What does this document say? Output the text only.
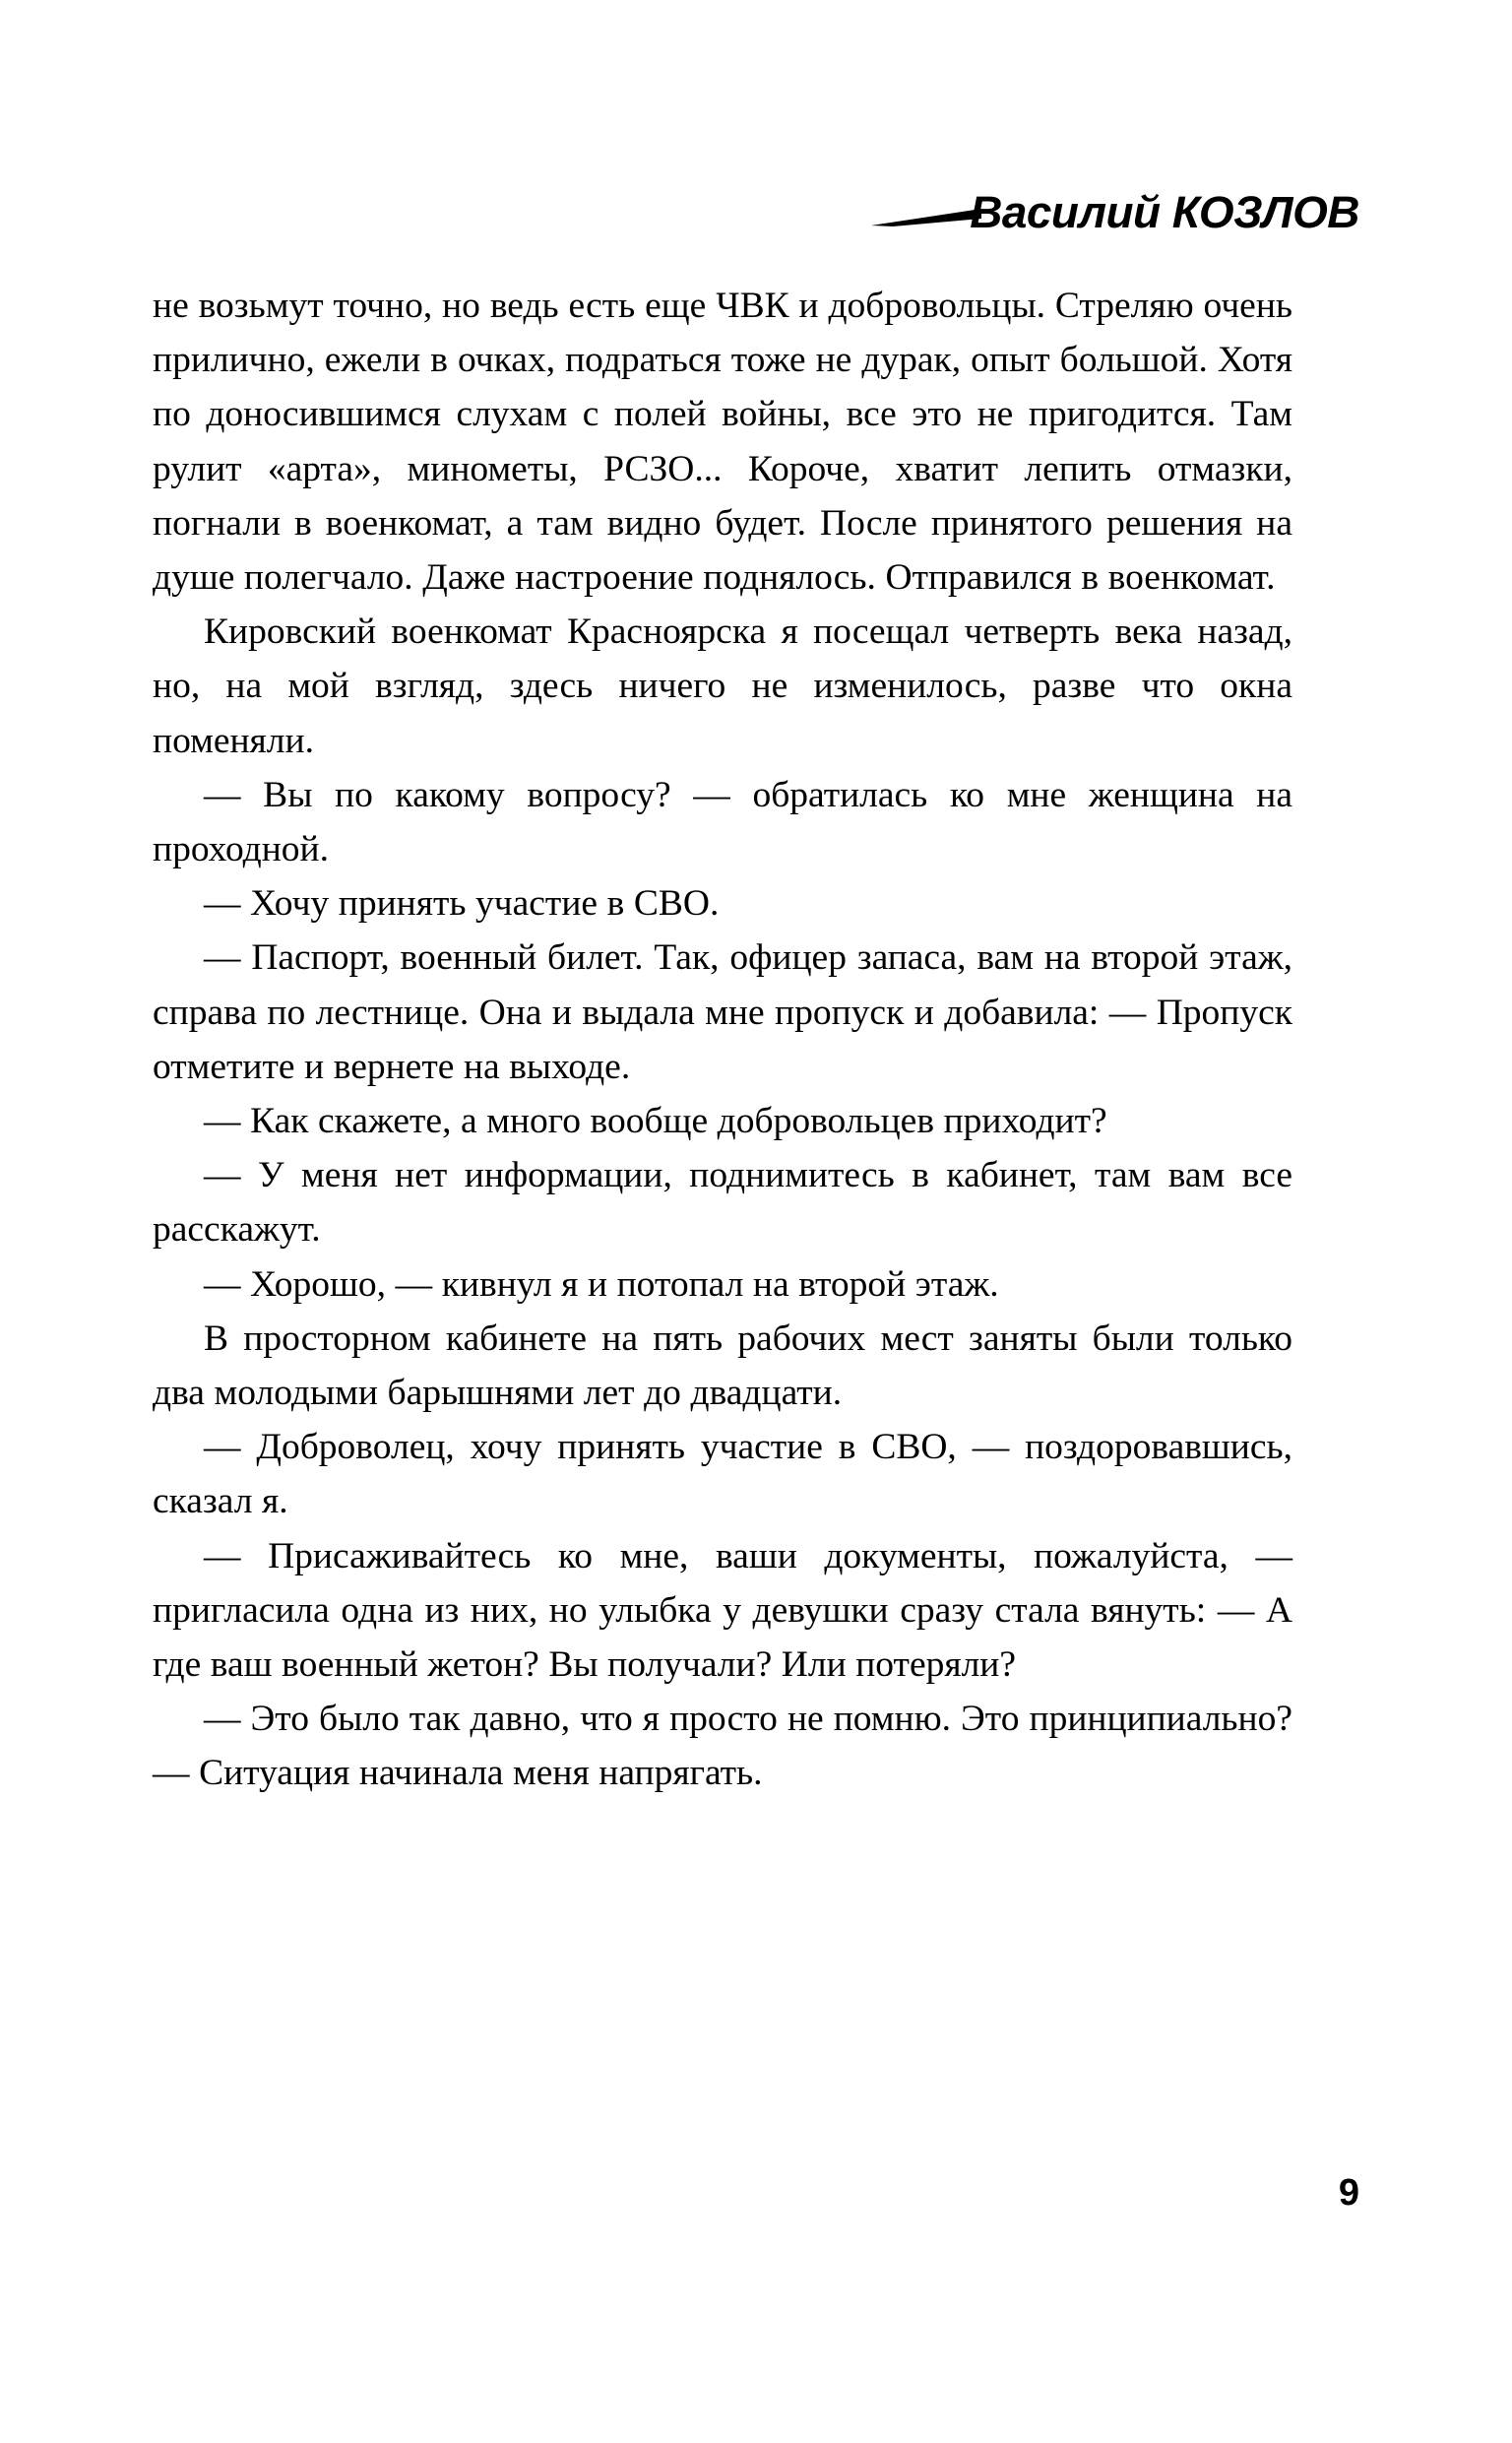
Василий КОЗЛОВ

не возьмут точно, но ведь есть еще ЧВК и добровольцы. Стреляю очень прилично, ежели в очках, подраться тоже не дурак, опыт большой. Хотя по доносившимся слухам с полей войны, все это не пригодится. Там рулит «арта», минометы, РСЗО... Короче, хватит лепить отмазки, погнали в военкомат, а там видно будет. После принятого решения на душе полегчало. Даже настроение поднялось. Отправился в военкомат.

Кировский военкомат Красноярска я посещал четверть века назад, но, на мой взгляд, здесь ничего не изменилось, разве что окна поменяли.

— Вы по какому вопросу? — обратилась ко мне женщина на проходной.

— Хочу принять участие в СВО.

— Паспорт, военный билет. Так, офицер запаса, вам на второй этаж, справа по лестнице. Она и выдала мне пропуск и добавила: — Пропуск отметите и вернете на выходе.

— Как скажете, а много вообще добровольцев приходит?

— У меня нет информации, поднимитесь в кабинет, там вам все расскажут.

— Хорошо, — кивнул я и потопал на второй этаж.

В просторном кабинете на пять рабочих мест заняты были только два молодыми барышнями лет до двадцати.

— Доброволец, хочу принять участие в СВО, — поздоровавшись, сказал я.

— Присаживайтесь ко мне, ваши документы, пожалуйста, — пригласила одна из них, но улыбка у девушки сразу стала вянуть: — А где ваш военный жетон? Вы получали? Или потеряли?

— Это было так давно, что я просто не помню. Это принципиально? — Ситуация начинала меня напрягать.

9
